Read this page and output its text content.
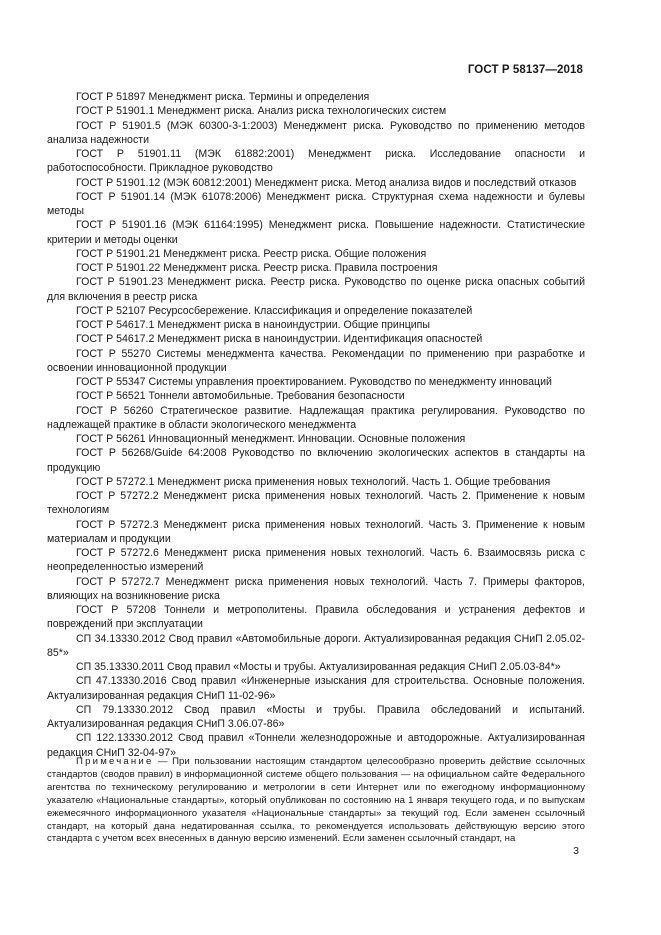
ГОСТ Р 58137—2018

ГОСТ Р 51897 Менеджмент риска. Термины и определения

ГОСТ Р 51901.1 Менеджмент риска. Анализ риска технологических систем

ГОСТ Р 51901.5 (МЭК 60300-3-1:2003) Менеджмент риска. Руководство по применению методов анализа надежности

ГОСТ Р 51901.11 (МЭК 61882:2001) Менеджмент риска. Исследование опасности и работоспособности. Прикладное руководство

ГОСТ Р 51901.12 (МЭК 60812:2001) Менеджмент риска. Метод анализа видов и последствий отказов

ГОСТ Р 51901.14 (МЭК 61078:2006) Менеджмент риска. Структурная схема надежности и булевы методы

ГОСТ Р 51901.16 (МЭК 61164:1995) Менеджмент риска. Повышение надежности. Статистические критерии и методы оценки

ГОСТ Р 51901.21 Менеджмент риска. Реестр риска. Общие положения

ГОСТ Р 51901.22 Менеджмент риска. Реестр риска. Правила построения

ГОСТ Р 51901.23 Менеджмент риска. Реестр риска. Руководство по оценке риска опасных событий для включения в реестр риска

ГОСТ Р 52107 Ресурсосбережение. Классификация и определение показателей

ГОСТ Р 54617.1 Менеджмент риска в наноиндустрии. Общие принципы

ГОСТ Р 54617.2 Менеджмент риска в наноиндустрии. Идентификация опасностей

ГОСТ Р 55270 Системы менеджмента качества. Рекомендации по применению при разработке и освоении инновационной продукции

ГОСТ Р 55347 Системы управления проектированием. Руководство по менеджменту инноваций

ГОСТ Р 56521 Тоннели автомобильные. Требования безопасности

ГОСТ Р 56260 Стратегическое развитие. Надлежащая практика регулирования. Руководство по надлежащей практике в области экологического менеджмента

ГОСТ Р 56261 Инновационный менеджмент. Инновации. Основные положения

ГОСТ Р 56268/Guide 64:2008 Руководство по включению экологических аспектов в стандарты на продукцию

ГОСТ Р 57272.1 Менеджмент риска применения новых технологий. Часть 1. Общие требования

ГОСТ Р 57272.2 Менеджмент риска применения новых технологий. Часть 2. Применение к новым технологиям

ГОСТ Р 57272.3 Менеджмент риска применения новых технологий. Часть 3. Применение к новым материалам и продукции

ГОСТ Р 57272.6 Менеджмент риска применения новых технологий. Часть 6. Взаимосвязь риска с неопределенностью измерений

ГОСТ Р 57272.7 Менеджмент риска применения новых технологий. Часть 7. Примеры факторов, влияющих на возникновение риска

ГОСТ Р 57208 Тоннели и метрополитены. Правила обследования и устранения дефектов и повреждений при эксплуатации

СП 34.13330.2012 Свод правил «Автомобильные дороги. Актуализированная редакция СНиП 2.05.02-85*»

СП 35.13330.2011 Свод правил «Мосты и трубы. Актуализированная редакция СНиП 2.05.03-84*»

СП 47.13330.2016 Свод правил «Инженерные изыскания для строительства. Основные положения. Актуализированная редакция СНиП 11-02-96»

СП 79.13330.2012 Свод правил «Мосты и трубы. Правила обследований и испытаний. Актуализированная редакция СНиП 3.06.07-86»

СП 122.13330.2012 Свод правил «Тоннели железнодорожные и автодорожные. Актуализированная редакция СНиП 32-04-97»

Примечание — При пользовании настоящим стандартом целесообразно проверить действие ссылочных стандартов (сводов правил) в информационной системе общего пользования — на официальном сайте Федерального агентства по техническому регулированию и метрологии в сети Интернет или по ежегодному информационному указателю «Национальные стандарты», который опубликован по состоянию на 1 января текущего года, и по выпускам ежемесячного информационного указателя «Национальные стандарты» за текущий год. Если заменен ссылочный стандарт, на который дана недатированная ссылка, то рекомендуется использовать действующую версию этого стандарта с учетом всех внесенных в данную версию изменений. Если заменен ссылочный стандарт, на

3
